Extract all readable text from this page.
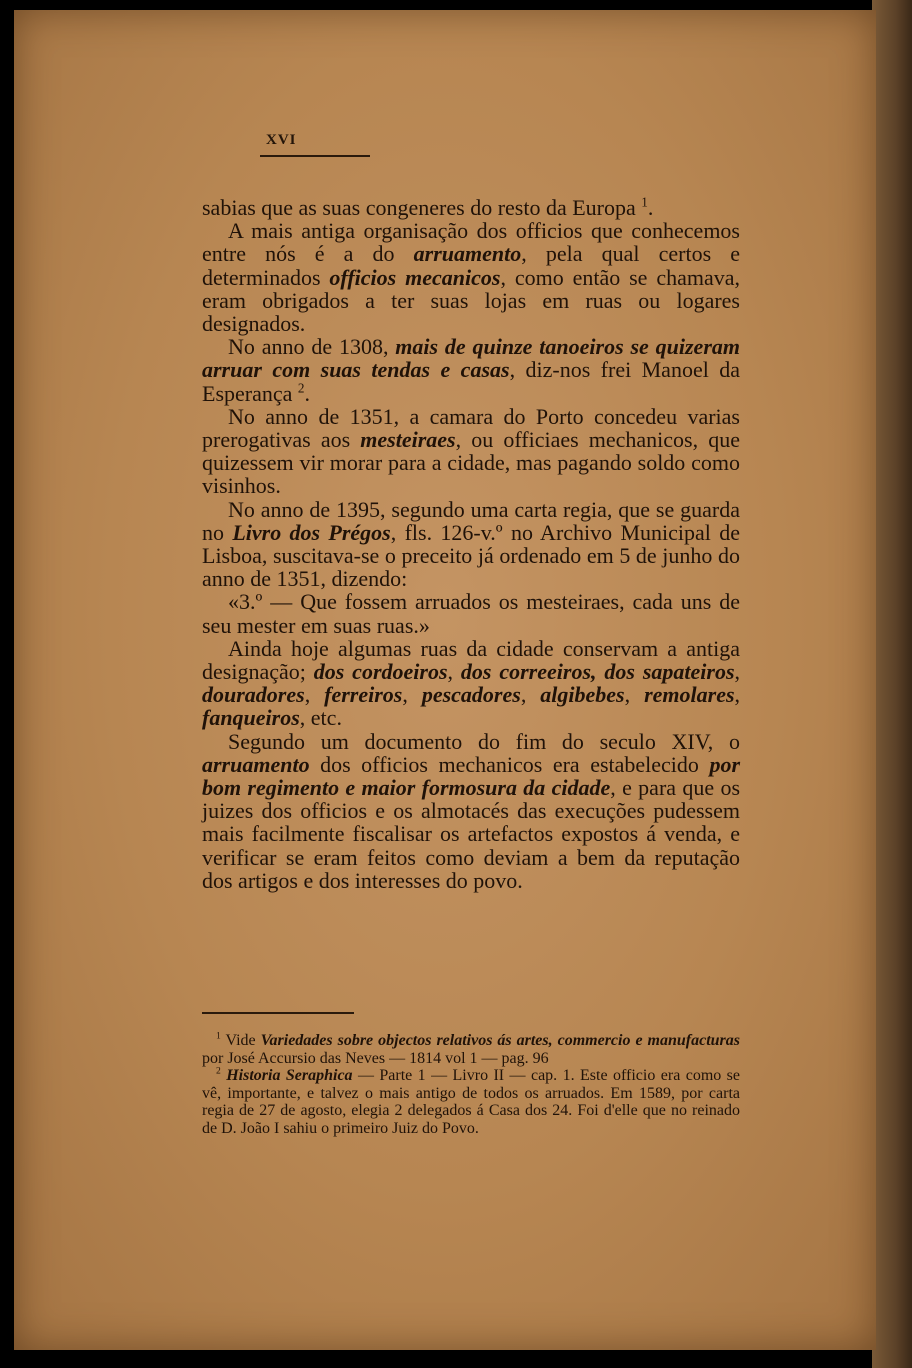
XVI

sabias que as suas congeneres do resto da Europa $^1$.

A mais antiga organisação dos officios que conhecemos entre nós é a do arruamento, pela qual certos e determinados officios mecanicos, como então se chamava, eram obrigados a ter suas lojas em ruas ou logares designados.

No anno de 1308, mais de quinze tanoeiros se quizeram arruar com suas tendas e casas, diz-nos frei Manoel da Esperança $^2$.

No anno de 1351, a camara do Porto concedeu varias prerogativas aos mesteiraes, ou officiaes mechanicos, que quizessem vir morar para a cidade, mas pagando soldo como visinhos.

No anno de 1395, segundo uma carta regia, que se guarda no Livro dos Prégos, fls. 126-v.º no Archivo Municipal de Lisboa, suscitava-se o preceito já ordenado em 5 de junho do anno de 1351, dizendo:

«3.º — Que fossem arruados os mesteiraes, cada uns de seu mester em suas ruas.»

Ainda hoje algumas ruas da cidade conservam a antiga designação; dos cordoeiros, dos correeiros, dos sapateiros, douradores, ferreiros, pescadores, algibebes, remolares, fanqueiros, etc.

Segundo um documento do fim do seculo XIV, o arruamento dos officios mechanicos era estabelecido por bom regimento e maior formosura da cidade, e para que os juizes dos officios e os almotacés das execuções pudessem mais facilmente fiscalisar os artefactos expostos á venda, e verificar se eram feitos como deviam a bem da reputação dos artigos e dos interesses do povo.

$^1$ Vide Variedades sobre objectos relativos ás artes, commercio e manufacturas por José Accursio das Neves — 1814 vol 1 — pag. 96

$^2$ Historia Seraphica — Parte 1 — Livro II — cap. 1. Este officio era como se vê, importante, e talvez o mais antigo de todos os arruados. Em 1589, por carta regia de 27 de agosto, elegia 2 delegados á Casa dos 24. Foi d'elle que no reinado de D. João I sahiu o primeiro Juiz do Povo.
